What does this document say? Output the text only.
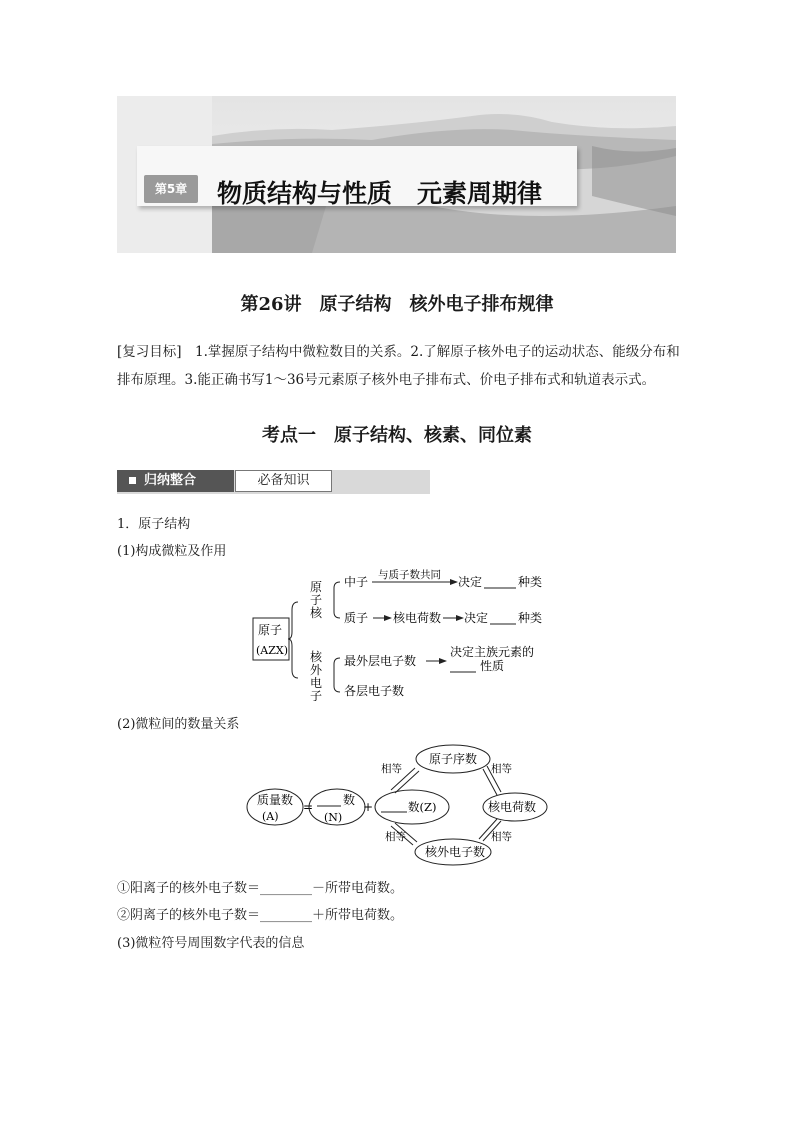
第5章	物质结构与性质　元素周期律
第26讲　原子结构　核外电子排布规律
[复习目标]　1.掌握原子结构中微粒数目的关系。2.了解原子核外电子的运动状态、能级分布和排布原理。3.能正确书写1～36号元素原子核外电子排布式、价电子排布式和轨道表示式。
考点一　原子结构、核素、同位素
归纳整合	必备知识
1．原子结构
(1)构成微粒及作用
原子
(AZX)
原
子
核
核
外
电
子
中子 与质子数共同 决定	种类
质子 核电荷数 决定 种类
最外层电子数
决定主族元素的
性质
各层电子数
(2)微粒间的数量关系
质量数
(A)
= 数
(N)
+	数(Z)
原子序数
核电荷数
核外电子数
相等	相等
相等	相等
①阳离子的核外电子数＝________－所带电荷数。
②阴离子的核外电子数＝________＋所带电荷数。
(3)微粒符号周围数字代表的信息
